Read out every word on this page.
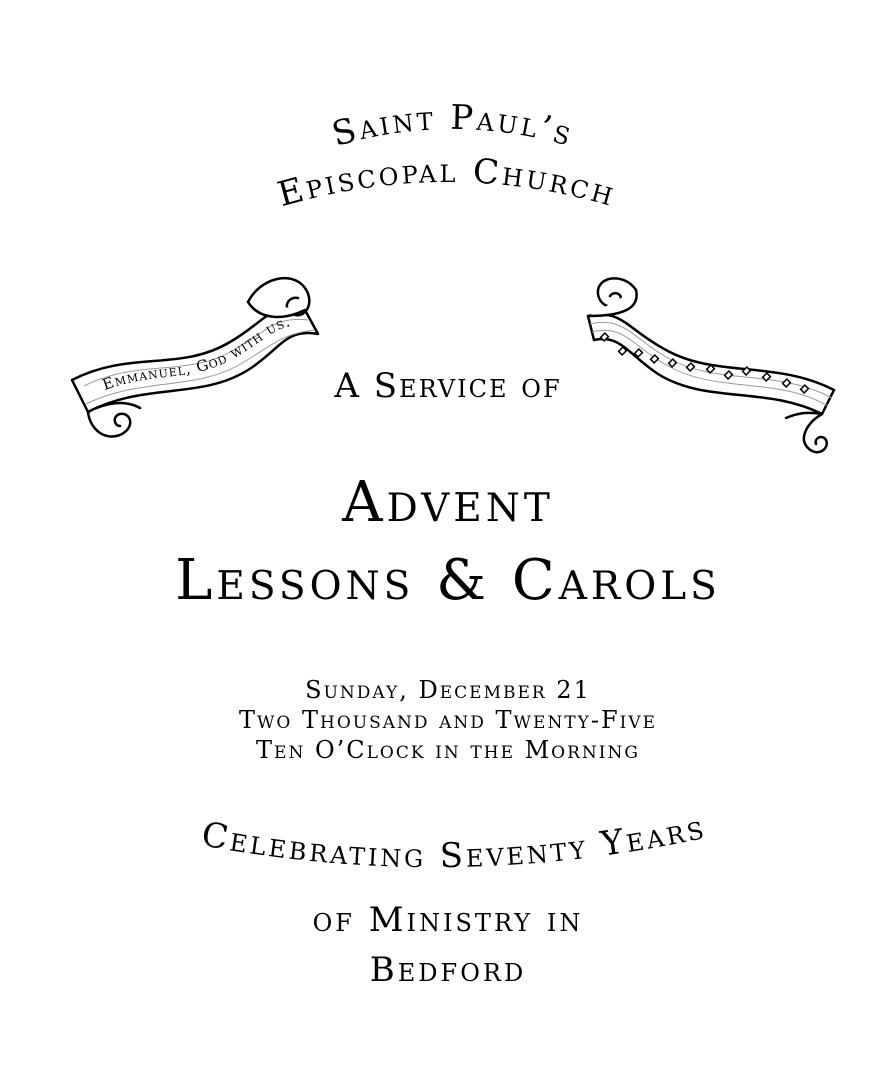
Saint Paul’s
Episcopal Church
Celebrating Seventy Years
Emmanuel, God with us.
A Service of
Advent
Lessons & Carols
Sunday, December 21
Two Thousand and Twenty-Five
Ten O’Clock in the Morning
of Ministry in
Bedford
